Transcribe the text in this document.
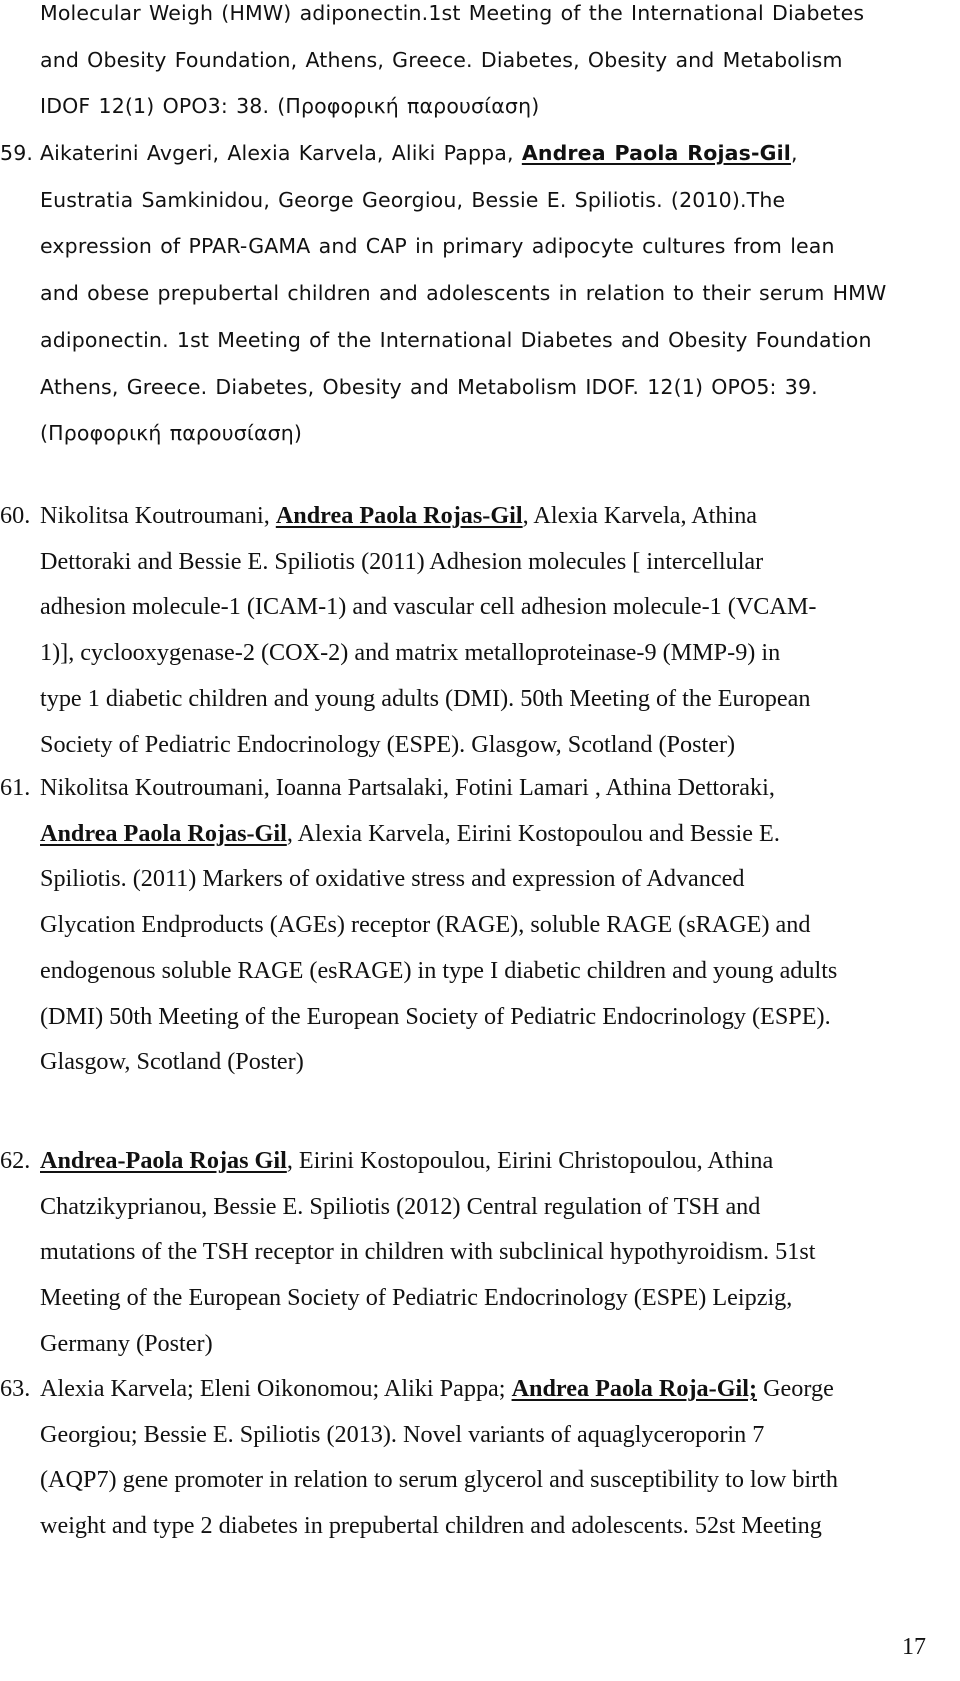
Molecular Weigh (HMW) adiponectin.1st Meeting of the International Diabetes
and Obesity Foundation, Athens, Greece. Diabetes, Obesity and Metabolism
IDOF 12(1) OPO3: 38. (Προφορική παρουσίαση)
59. Aikaterini Avgeri, Alexia Karvela, Aliki Pappa, Andrea Paola Rojas-Gil,
Eustratia Samkinidou, George Georgiou, Bessie E. Spiliotis. (2010).The
expression of PPAR-GAMA and CAP in primary adipocyte cultures from lean
and obese prepubertal children and adolescents in relation to their serum HMW
adiponectin. 1st Meeting of the International Diabetes and Obesity Foundation
Athens, Greece. Diabetes, Obesity and Metabolism IDOF. 12(1) OPO5: 39.
(Προφορική παρουσίαση)
60. Nikolitsa Koutroumani, Andrea Paola Rojas-Gil, Alexia Karvela, Athina
Dettoraki and Bessie E. Spiliotis (2011) Adhesion molecules [ intercellular
adhesion molecule-1 (ICAM-1) and vascular cell adhesion molecule-1 (VCAM-
1)], cyclooxygenase-2 (COX-2) and matrix metalloproteinase-9 (MMP-9) in
type 1 diabetic children and young adults (DMI). 50th Meeting of the European
Society of Pediatric Endocrinology (ESPE). Glasgow, Scotland (Poster)
61. Nikolitsa Koutroumani, Ioanna Partsalaki, Fotini Lamari , Athina Dettoraki,
Andrea Paola Rojas-Gil, Alexia Karvela, Eirini Kostopoulou and Bessie E.
Spiliotis. (2011) Markers of oxidative stress and expression of Advanced
Glycation Endproducts (AGEs) receptor (RAGE), soluble RAGE (sRAGE) and
endogenous soluble RAGE (esRAGE) in type I diabetic children and young adults
(DMI) 50th Meeting of the European Society of Pediatric Endocrinology (ESPE).
Glasgow, Scotland (Poster)
62. Andrea-Paola Rojas Gil, Eirini Kostopoulou, Eirini Christopoulou, Athina
Chatzikyprianou, Bessie E. Spiliotis (2012) Central regulation of TSH and
mutations of the TSH receptor in children with subclinical hypothyroidism. 51st
Meeting of the European Society of Pediatric Endocrinology (ESPE) Leipzig,
Germany (Poster)
63. Alexia Karvela; Eleni Oikonomou; Aliki Pappa; Andrea Paola Roja-Gil; George
Georgiou; Bessie E. Spiliotis (2013). Novel variants of aquaglyceroporin 7
(AQP7) gene promoter in relation to serum glycerol and susceptibility to low birth
weight and type 2 diabetes in prepubertal children and adolescents. 52st Meeting
17
